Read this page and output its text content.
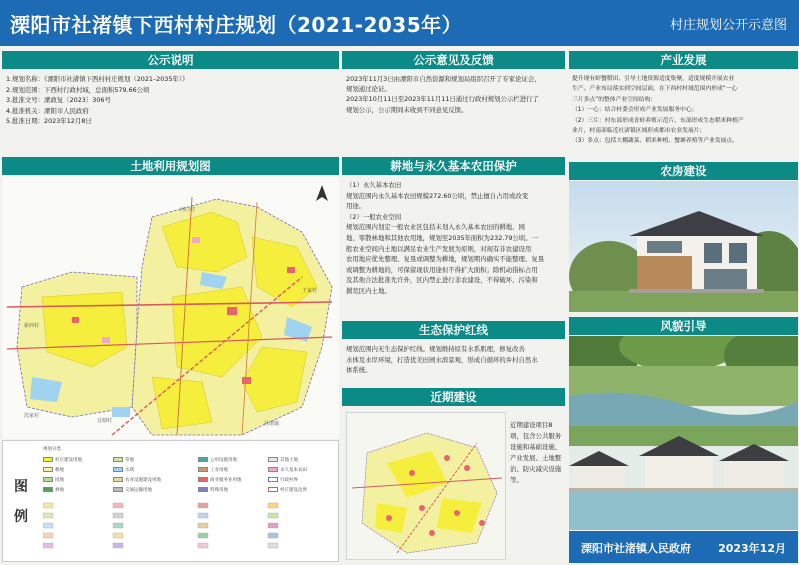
溧阳市社渚镇下西村村庄规划（2021-2035年）	村庄规划公开示意图
公示说明
1.规划名称：《溧阳市社渚镇下西村村庄规划（2021–2035年）》
2.规划范围：下西村行政村域，总面积579.66公顷
3.批准文号：溧政复〔2023〕306号
4.批准机关：溧阳市人民政府
5.批准日期：2023年12月8日
土地利用规划图
河口村
新西村
王家村
沈家村
宜塘村	社渚镇
图
例
规划分类
村庄建设用地
耕地
园地
林地
草地
水域
农业设施建设用地
交通运输用地
公用设施用地
工业用地
商业服务业用地
特殊用地
其他土地
永久基本农田
行政村界
村庄建设边界
公示意见及反馈
2023年11月3日由溧阳市自然资源和规划局组织召开了专家论证会，
规划通过论证。
2023年10月11日至2023年11月11日通过行政村规划公示栏进行了
规划公示，公示期间未收到不同意见反馈。
耕地与永久基本农田保护
（1）永久基本农田
规划范围内永久基本农田规模272.60公顷，禁止擅自占用或改变
用途。
（2）一般农业空间
规划范围内划定一般农业区包括未划入永久基本农田的耕地、园
地、零散林地和其他农用地，规划至2035年面积为232.79公顷。一
般农业空间内土地以满足农业生产发展为原则，对现有非农建设用
农用地应优先整理、复垦或调整为耕地，规划期内确实不能整理、复垦
或调整为耕地的，可保留现状用途但不得扩大面积；除机动指标占用
及其他合法批准允许外，区内禁止进行非农建设，不得破坏、污染和
撂荒区内土地。
生态保护红线
规划范围内无生态保护红线。规划维持原有水系肌理，修复改善
水体及水岸环境，打造优美田园水滨景观，形成自循环的乡村自然水
体系统。
近期建设
近期建设项目8
项，包含公共服务
设施和基础设施、
产业发展、土地整
治、防灾减灾设施
等。
产业发展
提升现有虾蟹稻田、引导土地资源适度集聚，适度规模开展农业
生产。产业布局落实到空间层面，在下西村村域范围内形成“一心
三片多点”的整体产业空间结构：
（1）一心：结合村委会形成产业发展服务中心；
（2）三片：村东部形成青虾养殖示范片，东部形成生态稻米种植产
业片，村南部临近社渚镇区域形成都市农业发展片；
（3）多点：包括大棚蔬菜、稻米种植、蟹塘养殖等产业发展点。
农房建设
风貌引导
溧阳市社渚镇人民政府 2023年12月
